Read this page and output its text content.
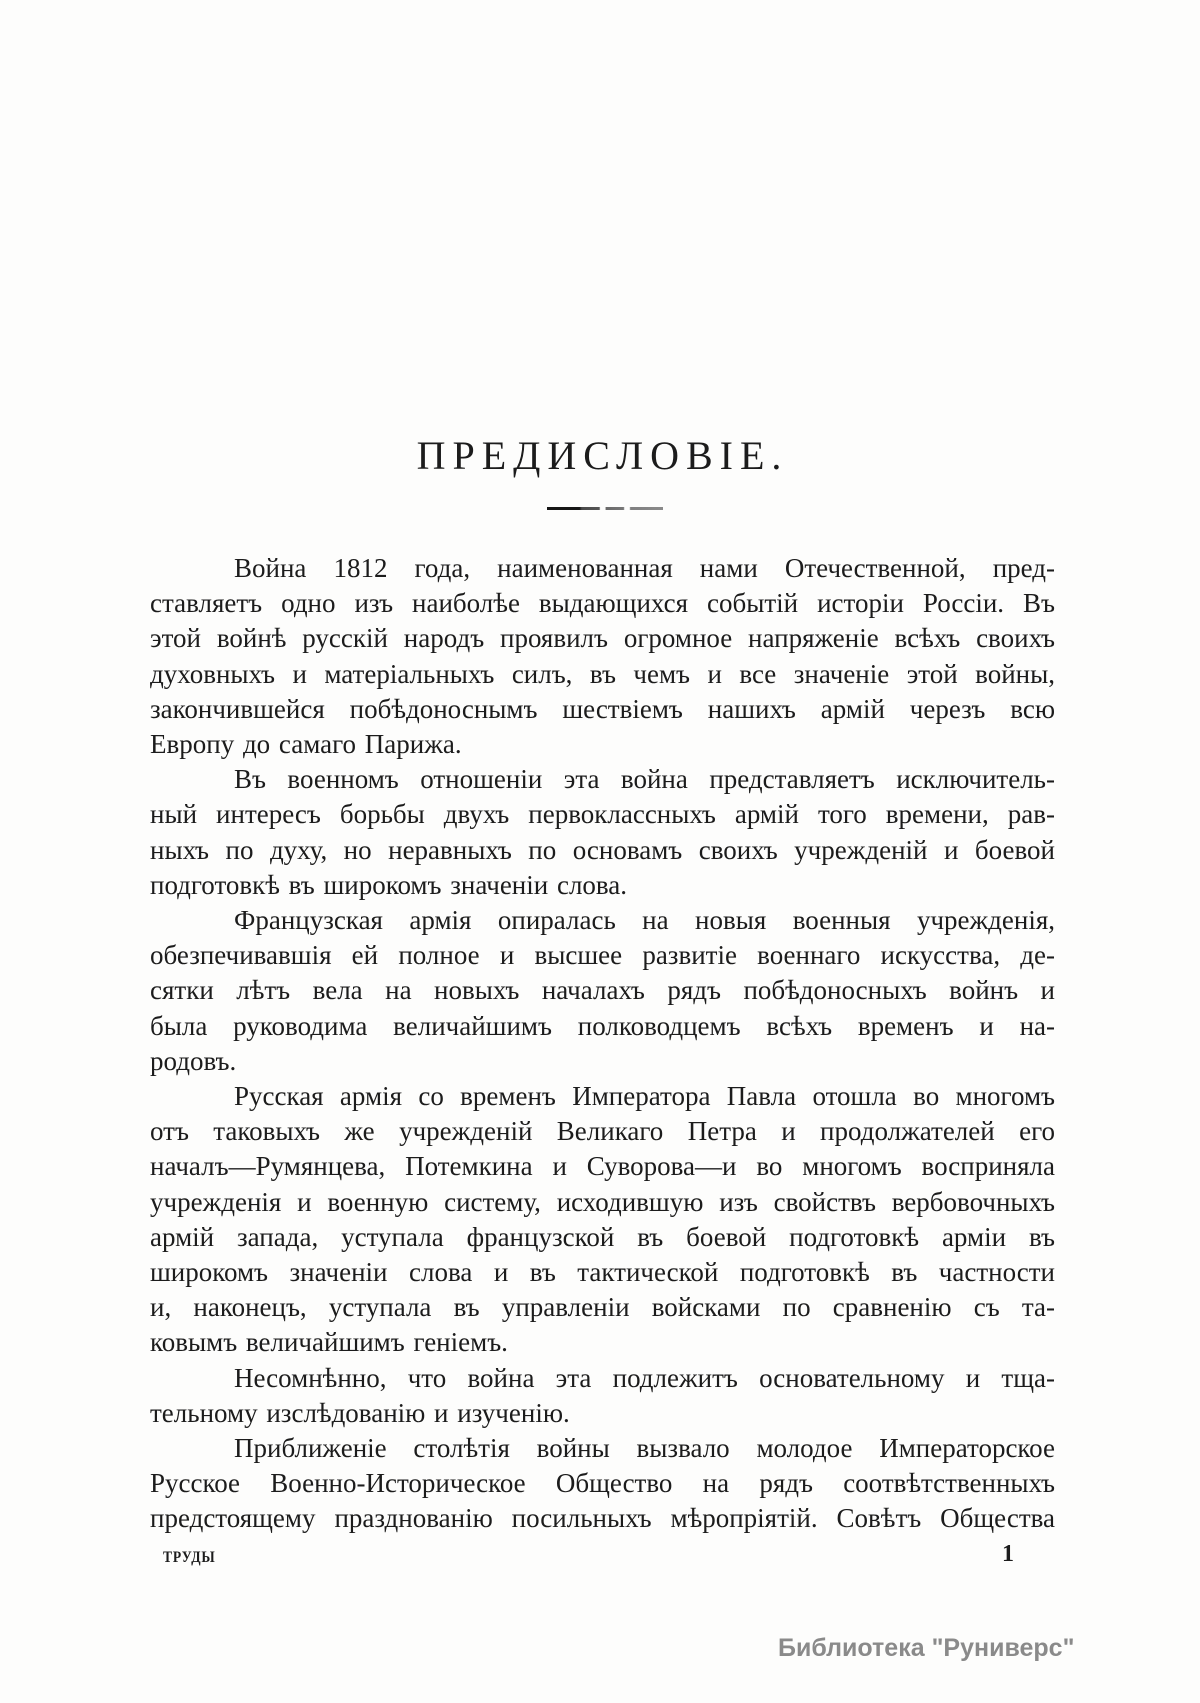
ПРЕДИСЛОВІЕ.
Война 1812 года, наименованная нами Отечественной, пред-
ставляетъ одно изъ наиболѣе выдающихся событій исторіи Россіи. Въ
этой войнѣ русскій народъ проявилъ огромное напряженіе всѣхъ своихъ
духовныхъ и матеріальныхъ силъ, въ чемъ и все значеніе этой войны,
закончившейся побѣдоноснымъ шествіемъ нашихъ армій черезъ всю
Европу до самаго Парижа.
Въ военномъ отношеніи эта война представляетъ исключитель-
ный интересъ борьбы двухъ первоклассныхъ армій того времени, рав-
ныхъ по духу, но неравныхъ по основамъ своихъ учрежденій и боевой
подготовкѣ въ широкомъ значеніи слова.
Французская армія опиралась на новыя военныя учрежденія,
обезпечивавшія ей полное и высшее развитіе военнаго искусства, де-
сятки лѣтъ вела на новыхъ началахъ рядъ побѣдоносныхъ войнъ и
была руководима величайшимъ полководцемъ всѣхъ временъ и на-
родовъ.
Русская армія со временъ Императора Павла отошла во многомъ
отъ таковыхъ же учрежденій Великаго Петра и продолжателей его
началъ—Румянцева, Потемкина и Суворова—и во многомъ восприняла
учрежденія и военную систему, исходившую изъ свойствъ вербовочныхъ
армій запада, уступала французской въ боевой подготовкѣ арміи въ
широкомъ значеніи слова и въ тактической подготовкѣ въ частности
и, наконецъ, уступала въ управленіи войсками по сравненію съ та-
ковымъ величайшимъ геніемъ.
Несомнѣнно, что война эта подлежитъ основательному и тща-
тельному изслѣдованію и изученію.
Приближеніе столѣтія войны вызвало молодое Императорское
Русское Военно-Историческое Общество на рядъ соотвѣтственныхъ
предстоящему празднованію посильныхъ мѣропріятій. Совѣтъ Общества
ТРУДЫ	1
Библиотека "Руниверс"
